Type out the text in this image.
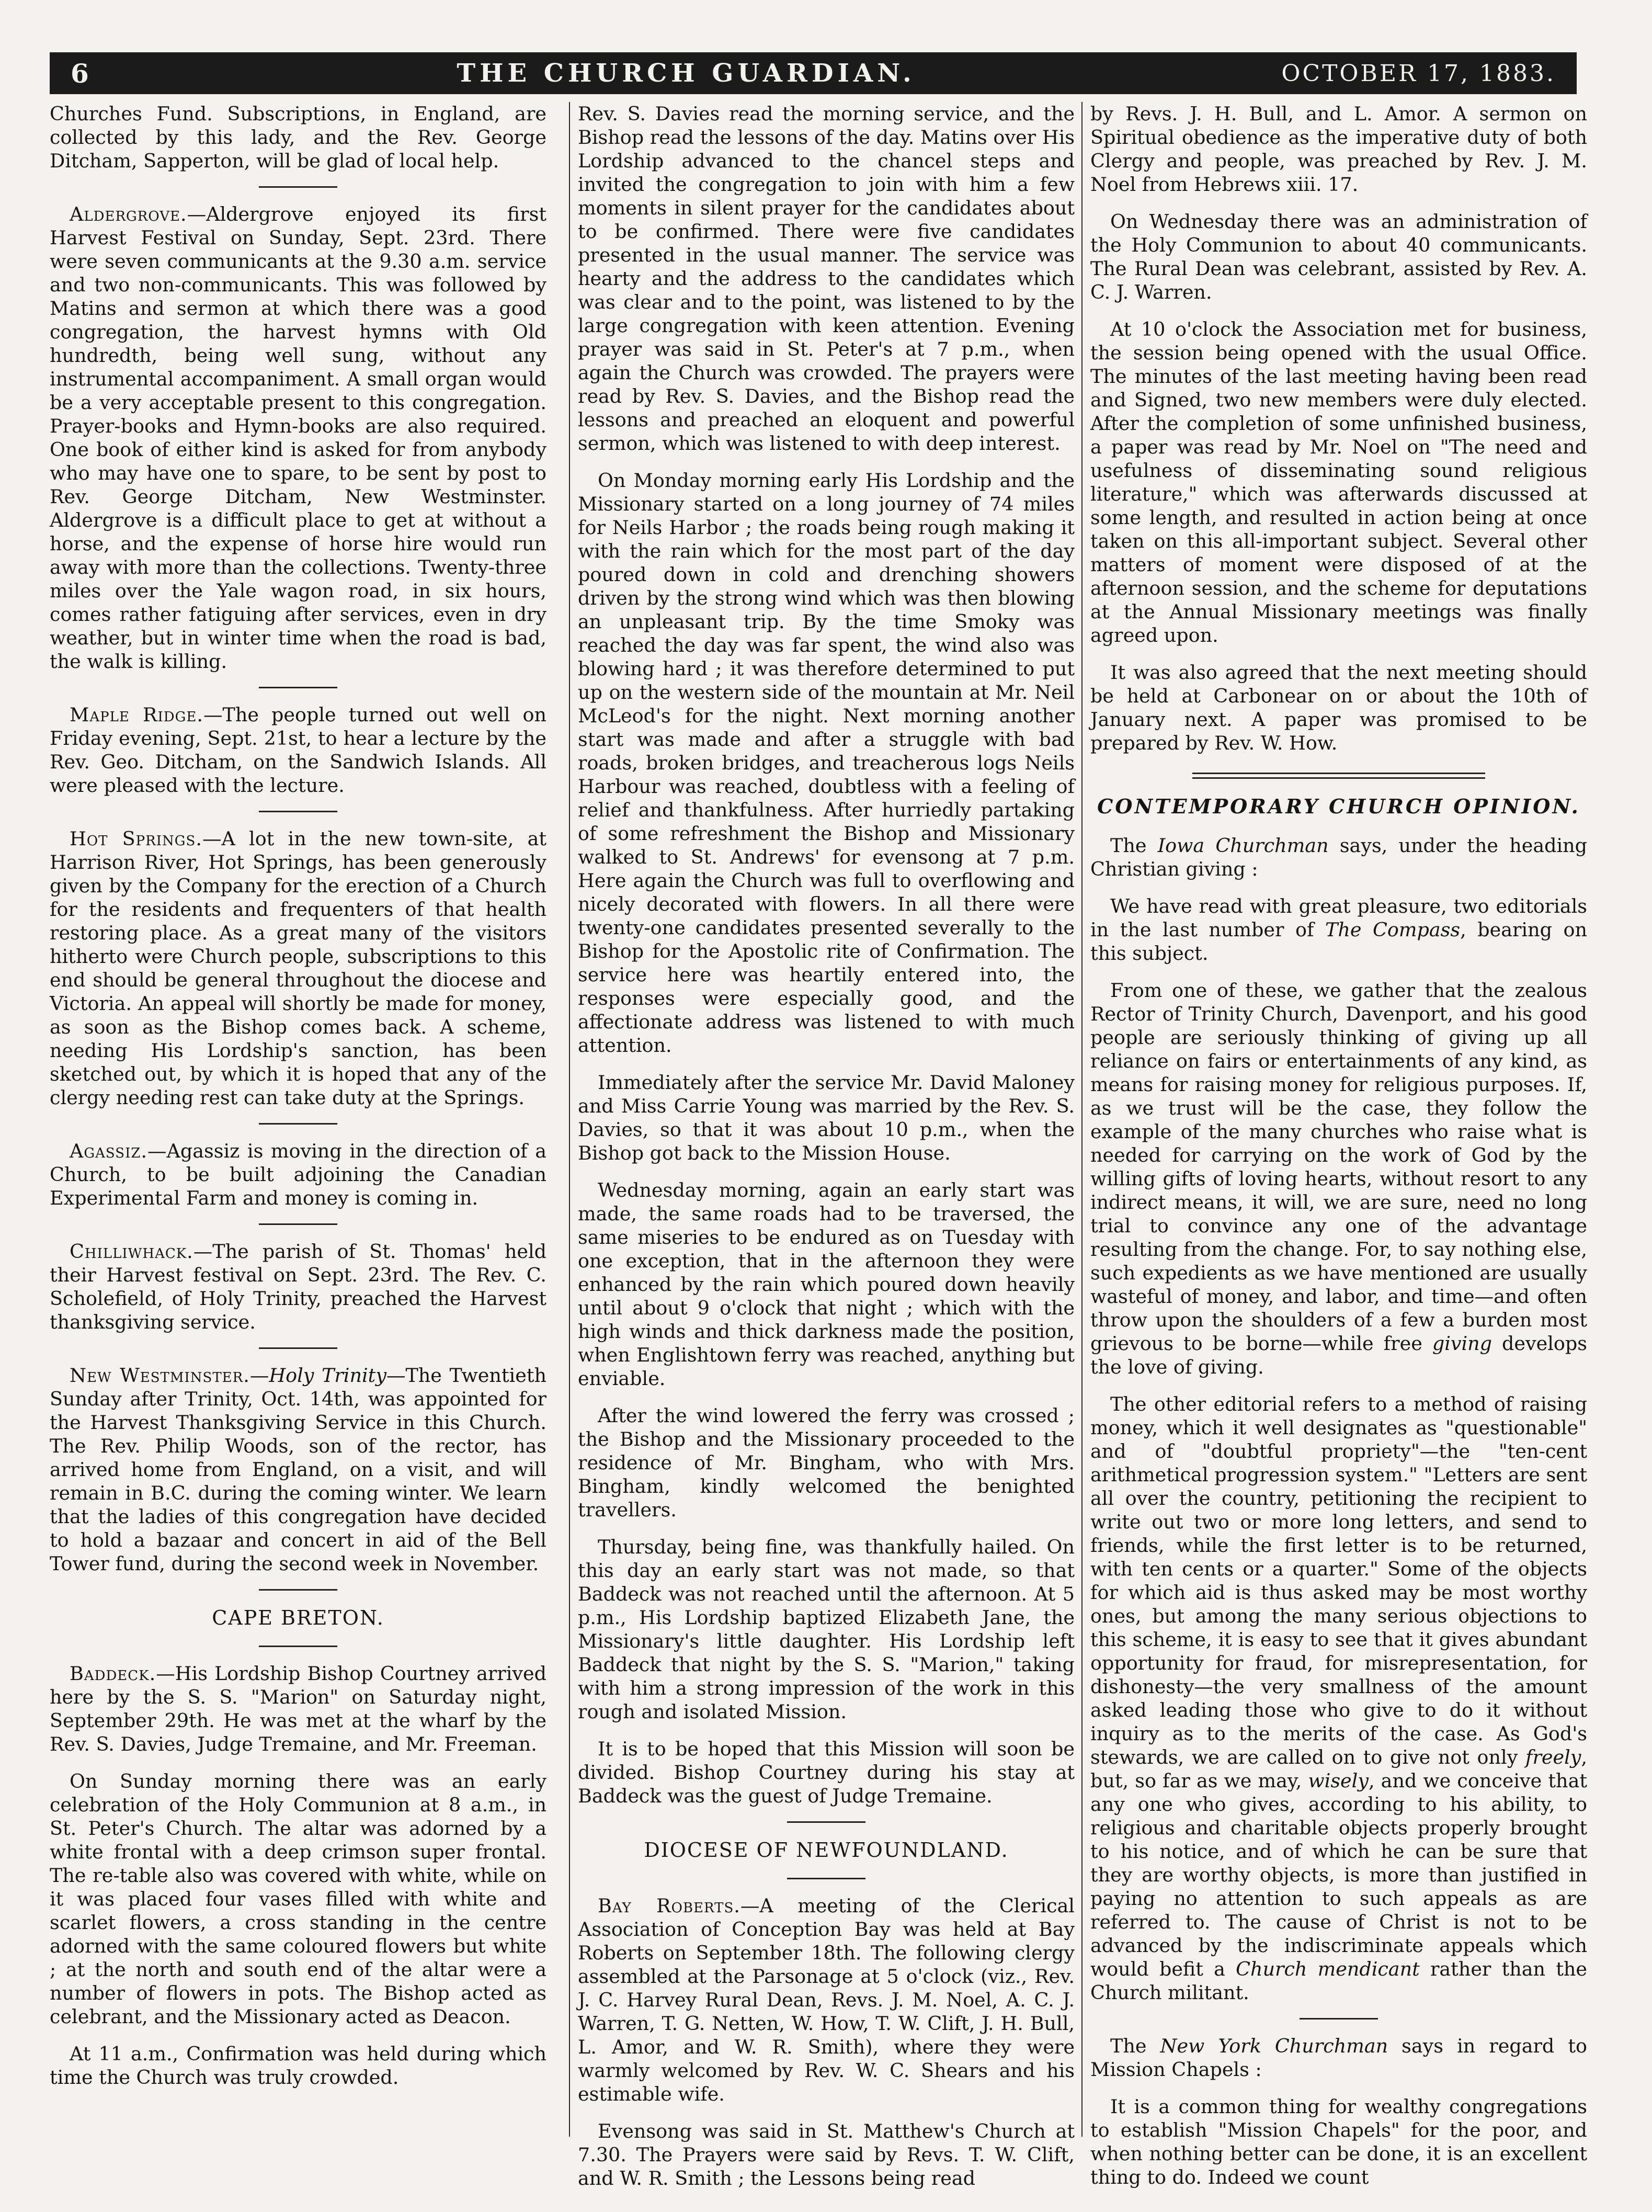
6	THE CHURCH GUARDIAN.	OCTOBER 17, 1883.

Churches Fund. Subscriptions, in England, are collected by this lady, and the Rev. George Ditcham, Sapperton, will be glad of local help.

Aldergrove.—Aldergrove enjoyed its first Harvest Festival on Sunday, Sept. 23rd. There were seven communicants at the 9.30 a.m. service and two non-communicants. This was followed by Matins and sermon at which there was a good congregation, the harvest hymns with Old hundredth, being well sung, without any instrumental accompaniment. A small organ would be a very acceptable present to this congregation. Prayer-books and Hymn-books are also required. One book of either kind is asked for from anybody who may have one to spare, to be sent by post to Rev. George Ditcham, New Westminster. Aldergrove is a difficult place to get at without a horse, and the expense of horse hire would run away with more than the collections. Twenty-three miles over the Yale wagon road, in six hours, comes rather fatiguing after services, even in dry weather, but in winter time when the road is bad, the walk is killing.

Maple Ridge.—The people turned out well on Friday evening, Sept. 21st, to hear a lecture by the Rev. Geo. Ditcham, on the Sandwich Islands. All were pleased with the lecture.

Hot Springs.—A lot in the new town-site, at Harrison River, Hot Springs, has been generously given by the Company for the erection of a Church for the residents and frequenters of that health restoring place. As a great many of the visitors hitherto were Church people, subscriptions to this end should be general throughout the diocese and Victoria. An appeal will shortly be made for money, as soon as the Bishop comes back. A scheme, needing His Lordship's sanction, has been sketched out, by which it is hoped that any of the clergy needing rest can take duty at the Springs.

Agassiz.—Agassiz is moving in the direction of a Church, to be built adjoining the Canadian Experimental Farm and money is coming in.

Chilliwhack.—The parish of St. Thomas' held their Harvest festival on Sept. 23rd. The Rev. C. Scholefield, of Holy Trinity, preached the Harvest thanksgiving service.

New Westminster.—Holy Trinity—The Twentieth Sunday after Trinity, Oct. 14th, was appointed for the Harvest Thanksgiving Service in this Church. The Rev. Philip Woods, son of the rector, has arrived home from England, on a visit, and will remain in B.C. during the coming winter. We learn that the ladies of this congregation have decided to hold a bazaar and concert in aid of the Bell Tower fund, during the second week in November.

CAPE BRETON.

Baddeck.—His Lordship Bishop Courtney arrived here by the S. S. "Marion" on Saturday night, September 29th. He was met at the wharf by the Rev. S. Davies, Judge Tremaine, and Mr. Freeman.

On Sunday morning there was an early celebration of the Holy Communion at 8 a.m., in St. Peter's Church. The altar was adorned by a white frontal with a deep crimson super frontal. The re-table also was covered with white, while on it was placed four vases filled with white and scarlet flowers, a cross standing in the centre adorned with the same coloured flowers but white ; at the north and south end of the altar were a number of flowers in pots. The Bishop acted as celebrant, and the Missionary acted as Deacon.

At 11 a.m., Confirmation was held during which time the Church was truly crowded.

Rev. S. Davies read the morning service, and the Bishop read the lessons of the day. Matins over His Lordship advanced to the chancel steps and invited the congregation to join with him a few moments in silent prayer for the candidates about to be confirmed. There were five candidates presented in the usual manner. The service was hearty and the address to the candidates which was clear and to the point, was listened to by the large congregation with keen attention. Evening prayer was said in St. Peter's at 7 p.m., when again the Church was crowded. The prayers were read by Rev. S. Davies, and the Bishop read the lessons and preached an eloquent and powerful sermon, which was listened to with deep interest.

On Monday morning early His Lordship and the Missionary started on a long journey of 74 miles for Neils Harbor ; the roads being rough making it with the rain which for the most part of the day poured down in cold and drenching showers driven by the strong wind which was then blowing an unpleasant trip. By the time Smoky was reached the day was far spent, the wind also was blowing hard ; it was therefore determined to put up on the western side of the mountain at Mr. Neil McLeod's for the night. Next morning another start was made and after a struggle with bad roads, broken bridges, and treacherous logs Neils Harbour was reached, doubtless with a feeling of relief and thankfulness. After hurriedly partaking of some refreshment the Bishop and Missionary walked to St. Andrews' for evensong at 7 p.m. Here again the Church was full to overflowing and nicely decorated with flowers. In all there were twenty-one candidates presented severally to the Bishop for the Apostolic rite of Confirmation. The service here was heartily entered into, the responses were especially good, and the affectionate address was listened to with much attention.

Immediately after the service Mr. David Maloney and Miss Carrie Young was married by the Rev. S. Davies, so that it was about 10 p.m., when the Bishop got back to the Mission House.

Wednesday morning, again an early start was made, the same roads had to be traversed, the same miseries to be endured as on Tuesday with one exception, that in the afternoon they were enhanced by the rain which poured down heavily until about 9 o'clock that night ; which with the high winds and thick darkness made the position, when Englishtown ferry was reached, anything but enviable.

After the wind lowered the ferry was crossed ; the Bishop and the Missionary proceeded to the residence of Mr. Bingham, who with Mrs. Bingham, kindly welcomed the benighted travellers.

Thursday, being fine, was thankfully hailed. On this day an early start was not made, so that Baddeck was not reached until the afternoon. At 5 p.m., His Lordship baptized Elizabeth Jane, the Missionary's little daughter. His Lordship left Baddeck that night by the S. S. "Marion," taking with him a strong impression of the work in this rough and isolated Mission.

It is to be hoped that this Mission will soon be divided. Bishop Courtney during his stay at Baddeck was the guest of Judge Tremaine.

DIOCESE OF NEWFOUNDLAND.

Bay Roberts.—A meeting of the Clerical Association of Conception Bay was held at Bay Roberts on September 18th. The following clergy assembled at the Parsonage at 5 o'clock (viz., Rev. J. C. Harvey Rural Dean, Revs. J. M. Noel, A. C. J. Warren, T. G. Netten, W. How, T. W. Clift, J. H. Bull, L. Amor, and W. R. Smith), where they were warmly welcomed by Rev. W. C. Shears and his estimable wife.

Evensong was said in St. Matthew's Church at 7.30. The Prayers were said by Revs. T. W. Clift, and W. R. Smith ; the Lessons being read

by Revs. J. H. Bull, and L. Amor. A sermon on Spiritual obedience as the imperative duty of both Clergy and people, was preached by Rev. J. M. Noel from Hebrews xiii. 17.

On Wednesday there was an administration of the Holy Communion to about 40 communicants. The Rural Dean was celebrant, assisted by Rev. A. C. J. Warren.

At 10 o'clock the Association met for business, the session being opened with the usual Office. The minutes of the last meeting having been read and Signed, two new members were duly elected. After the completion of some unfinished business, a paper was read by Mr. Noel on "The need and usefulness of disseminating sound religious literature," which was afterwards discussed at some length, and resulted in action being at once taken on this all-important subject. Several other matters of moment were disposed of at the afternoon session, and the scheme for deputations at the Annual Missionary meetings was finally agreed upon.

It was also agreed that the next meeting should be held at Carbonear on or about the 10th of January next. A paper was promised to be prepared by Rev. W. How.

CONTEMPORARY CHURCH OPINION.

The Iowa Churchman says, under the heading Christian giving :

We have read with great pleasure, two editorials in the last number of The Compass, bearing on this subject.

From one of these, we gather that the zealous Rector of Trinity Church, Davenport, and his good people are seriously thinking of giving up all reliance on fairs or entertainments of any kind, as means for raising money for religious purposes. If, as we trust will be the case, they follow the example of the many churches who raise what is needed for carrying on the work of God by the willing gifts of loving hearts, without resort to any indirect means, it will, we are sure, need no long trial to convince any one of the advantage resulting from the change. For, to say nothing else, such expedients as we have mentioned are usually wasteful of money, and labor, and time—and often throw upon the shoulders of a few a burden most grievous to be borne—while free giving develops the love of giving.

The other editorial refers to a method of raising money, which it well designates as "questionable" and of "doubtful propriety"—the "ten-cent arithmetical progression system." "Letters are sent all over the country, petitioning the recipient to write out two or more long letters, and send to friends, while the first letter is to be returned, with ten cents or a quarter." Some of the objects for which aid is thus asked may be most worthy ones, but among the many serious objections to this scheme, it is easy to see that it gives abundant opportunity for fraud, for misrepresentation, for dishonesty—the very smallness of the amount asked leading those who give to do it without inquiry as to the merits of the case. As God's stewards, we are called on to give not only freely, but, so far as we may, wisely, and we conceive that any one who gives, according to his ability, to religious and charitable objects properly brought to his notice, and of which he can be sure that they are worthy objects, is more than justified in paying no attention to such appeals as are referred to. The cause of Christ is not to be advanced by the indiscriminate appeals which would befit a Church mendicant rather than the Church militant.

The New York Churchman says in regard to Mission Chapels :

It is a common thing for wealthy congregations to establish "Mission Chapels" for the poor, and when nothing better can be done, it is an excellent thing to do. Indeed we count
